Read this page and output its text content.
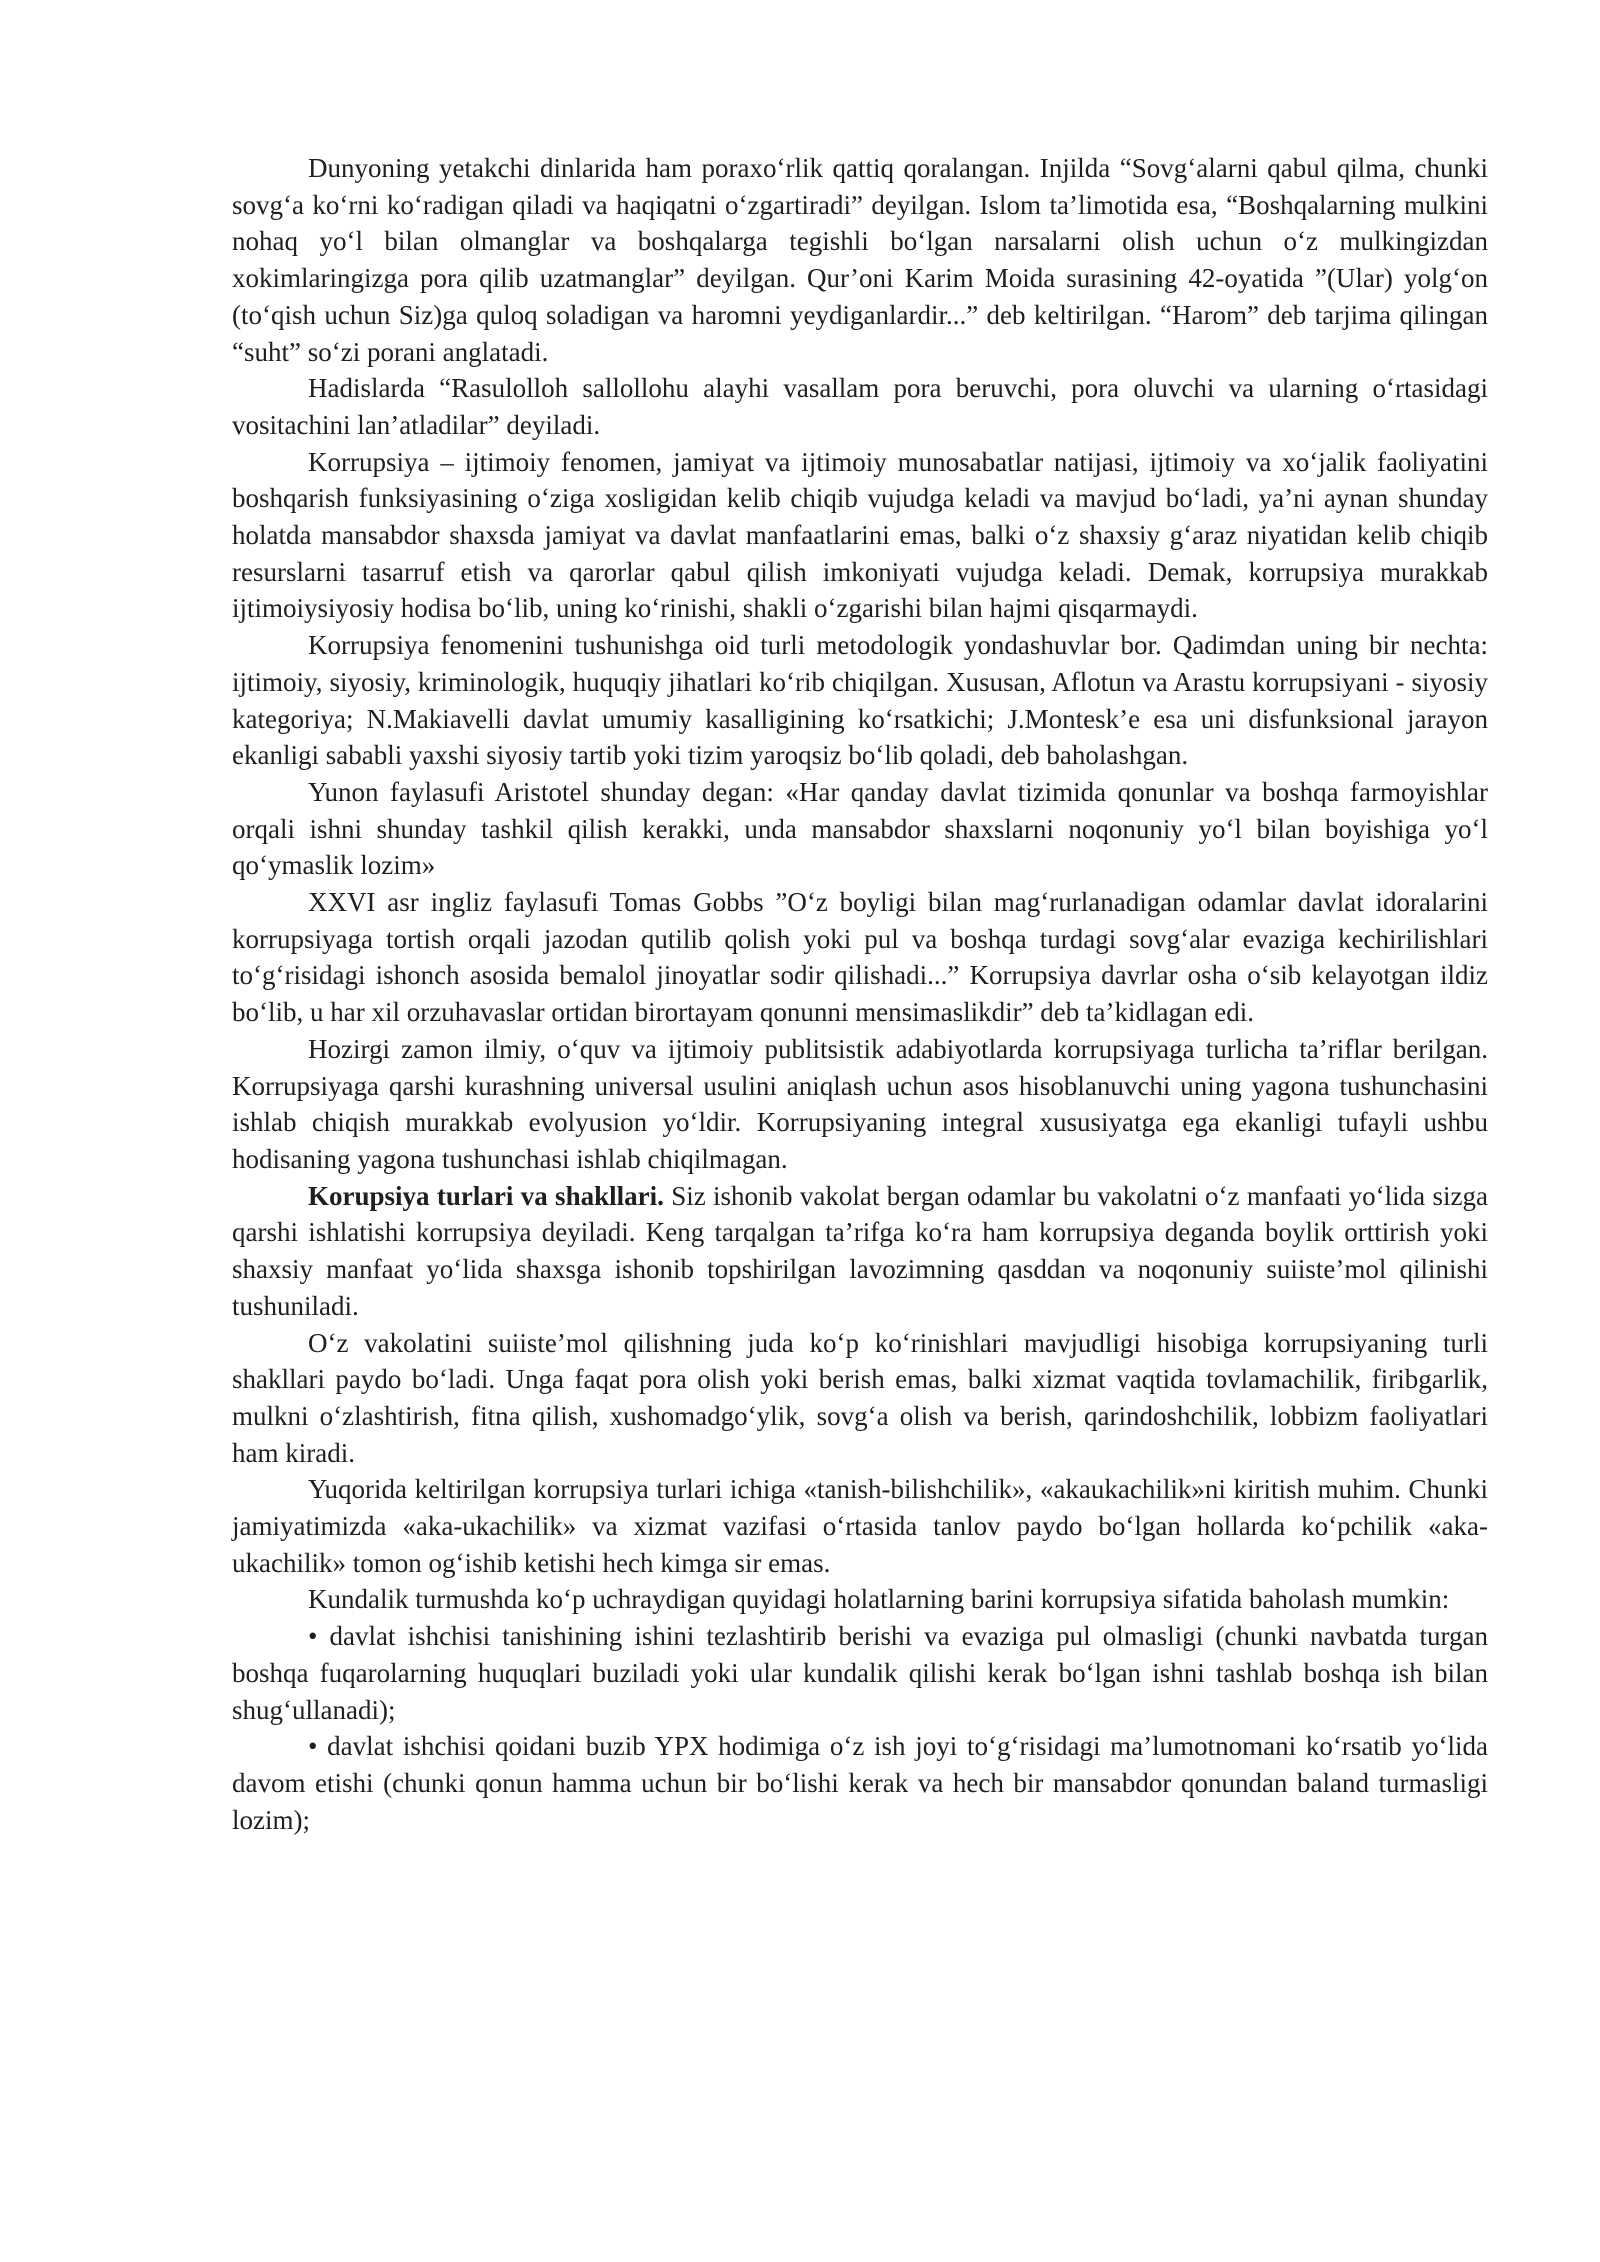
Dunyoning yetakchi dinlarida ham poraxo‘rlik qattiq qoralangan. Injilda “Sovg‘alarni qabul qilma, chunki sovg‘a ko‘rni ko‘radigan qiladi va haqiqatni o‘zgartiradi” deyilgan. Islom ta’limotida esa, “Boshqalarning mulkini nohaq yo‘l bilan olmanglar va boshqalarga tegishli bo‘lgan narsalarni olish uchun o‘z mulkingizdan xokimlaringizga pora qilib uzatmanglar” deyilgan. Qur’oni Karim Moida surasining 42-oyatida ”(Ular) yolg‘on (to‘qish uchun Siz)ga quloq soladigan va haromni yeydiganlardir...” deb keltirilgan. “Harom” deb tarjima qilingan “suht” so‘zi porani anglatadi.

Hadislarda “Rasulolloh sallollohu alayhi vasallam pora beruvchi, pora oluvchi va ularning o‘rtasidagi vositachini lan’atladilar” deyiladi.

Korrupsiya – ijtimoiy fenomen, jamiyat va ijtimoiy munosabatlar natijasi, ijtimoiy va xo‘jalik faoliyatini boshqarish funksiyasining o‘ziga xosligidan kelib chiqib vujudga keladi va mavjud bo‘ladi, ya’ni aynan shunday holatda mansabdor shaxsda jamiyat va davlat manfaatlarini emas, balki o‘z shaxsiy g‘araz niyatidan kelib chiqib resurslarni tasarruf etish va qarorlar qabul qilish imkoniyati vujudga keladi. Demak, korrupsiya murakkab ijtimoiysiyosiy hodisa bo‘lib, uning ko‘rinishi, shakli o‘zgarishi bilan hajmi qisqarmaydi.

Korrupsiya fenomenini tushunishga oid turli metodologik yondashuvlar bor. Qadimdan uning bir nechta: ijtimoiy, siyosiy, kriminologik, huquqiy jihatlari ko‘rib chiqilgan. Xususan, Aflotun va Arastu korrupsiyani - siyosiy kategoriya; N.Makiavelli davlat umumiy kasalligining ko‘rsatkichi; J.Montesk’e esa uni disfunksional jarayon ekanligi sababli yaxshi siyosiy tartib yoki tizim yaroqsiz bo‘lib qoladi, deb baholashgan.

Yunon faylasufi Aristotel shunday degan: «Har qanday davlat tizimida qonunlar va boshqa farmoyishlar orqali ishni shunday tashkil qilish kerakki, unda mansabdor shaxslarni noqonuniy yo‘l bilan boyishiga yo‘l qo‘ymaslik lozim»

XXVI asr ingliz faylasufi Tomas Gobbs ”O‘z boyligi bilan mag‘rurlanadigan odamlar davlat idoralarini korrupsiyaga tortish orqali jazodan qutilib qolish yoki pul va boshqa turdagi sovg‘alar evaziga kechirilishlari to‘g‘risidagi ishonch asosida bemalol jinoyatlar sodir qilishadi...” Korrupsiya davrlar osha o‘sib kelayotgan ildiz bo‘lib, u har xil orzuhavaslar ortidan birortayam qonunni mensimaslikdir” deb ta’kidlagan edi.

Hozirgi zamon ilmiy, o‘quv va ijtimoiy publitsistik adabiyotlarda korrupsiyaga turlicha ta’riflar berilgan. Korrupsiyaga qarshi kurashning universal usulini aniqlash uchun asos hisoblanuvchi uning yagona tushunchasini ishlab chiqish murakkab evolyusion yo‘ldir. Korrupsiyaning integral xususiyatga ega ekanligi tufayli ushbu hodisaning yagona tushunchasi ishlab chiqilmagan.

Korupsiya turlari va shakllari. Siz ishonib vakolat bergan odamlar bu vakolatni o‘z manfaati yo‘lida sizga qarshi ishlatishi korrupsiya deyiladi. Keng tarqalgan ta’rifga ko‘ra ham korrupsiya deganda boylik orttirish yoki shaxsiy manfaat yo‘lida shaxsga ishonib topshirilgan lavozimning qasddan va noqonuniy suiiste’mol qilinishi tushuniladi.

O‘z vakolatini suiiste’mol qilishning juda ko‘p ko‘rinishlari mavjudligi hisobiga korrupsiyaning turli shakllari paydo bo‘ladi. Unga faqat pora olish yoki berish emas, balki xizmat vaqtida tovlamachilik, firibgarlik, mulkni o‘zlashtirish, fitna qilish, xushomadgo‘ylik, sovg‘a olish va berish, qarindoshchilik, lobbizm faoliyatlari ham kiradi.

Yuqorida keltirilgan korrupsiya turlari ichiga «tanish-bilishchilik», «akaukachilik»ni kiritish muhim. Chunki jamiyatimizda «aka-ukachilik» va xizmat vazifasi o‘rtasida tanlov paydo bo‘lgan hollarda ko‘pchilik «aka-ukachilik» tomon og‘ishib ketishi hech kimga sir emas.

Kundalik turmushda ko‘p uchraydigan quyidagi holatlarning barini korrupsiya sifatida baholash mumkin:

• davlat ishchisi tanishining ishini tezlashtirib berishi va evaziga pul olmasligi (chunki navbatda turgan boshqa fuqarolarning huquqlari buziladi yoki ular kundalik qilishi kerak bo‘lgan ishni tashlab boshqa ish bilan shug‘ullanadi);

• davlat ishchisi qoidani buzib YPX hodimiga o‘z ish joyi to‘g‘risidagi ma’lumotnomani ko‘rsatib yo‘lida davom etishi (chunki qonun hamma uchun bir bo‘lishi kerak va hech bir mansabdor qonundan baland turmasligi lozim);
